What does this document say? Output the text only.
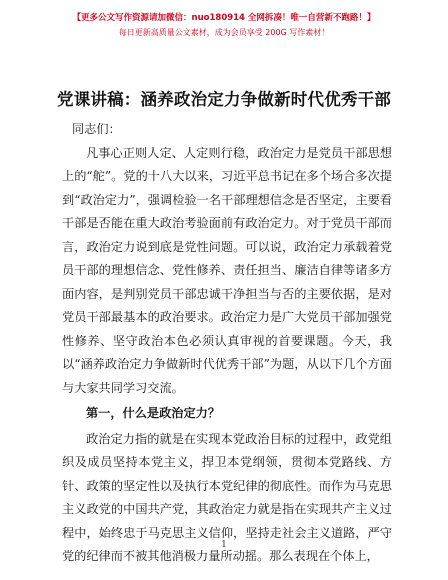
【更多公文写作资源请加微信：nuo180914 全网拆凑！唯一自营新不跑路！】
每日更新高质量公文素材，成为会员享受 200G 写作素材！
党课讲稿：涵养政治定力争做新时代优秀干部

同志们：

凡事心正则人定、人定则行稳，政治定力是党员干部思想上的“舵”。党的十八大以来，习近平总书记在多个场合多次提到“政治定力”，强调检验一名干部理想信念是否坚定，主要看干部是否能在重大政治考验面前有政治定力。对于党员干部而言，政治定力说到底是党性问题。可以说，政治定力承载着党员干部的理想信念、党性修养、责任担当、廉洁自律等诸多方面内容，是判别党员干部忠诚干净担当与否的主要依据，是对党员干部最基本的政治要求。政治定力是广大党员干部加强党性修养、坚守政治本色必须认真审视的首要课题。今天，我以“涵养政治定力争做新时代优秀干部”为题，从以下几个方面与大家共同学习交流。

第一，什么是政治定力？

政治定力指的就是在实现本党政治目标的过程中，政党组织及成员坚持本党主义，捍卫本党纲领，贯彻本党路线、方针、政策的坚定性以及执行本党纪律的彻底性。而作为马克思主义政党的中国共产党，其政治定力就是指在实现共产主义过程中，始终忠于马克思主义信仰，坚持走社会主义道路，严守党的纪律而不被其他消极力量所动摇。那么表现在个体上，

1
